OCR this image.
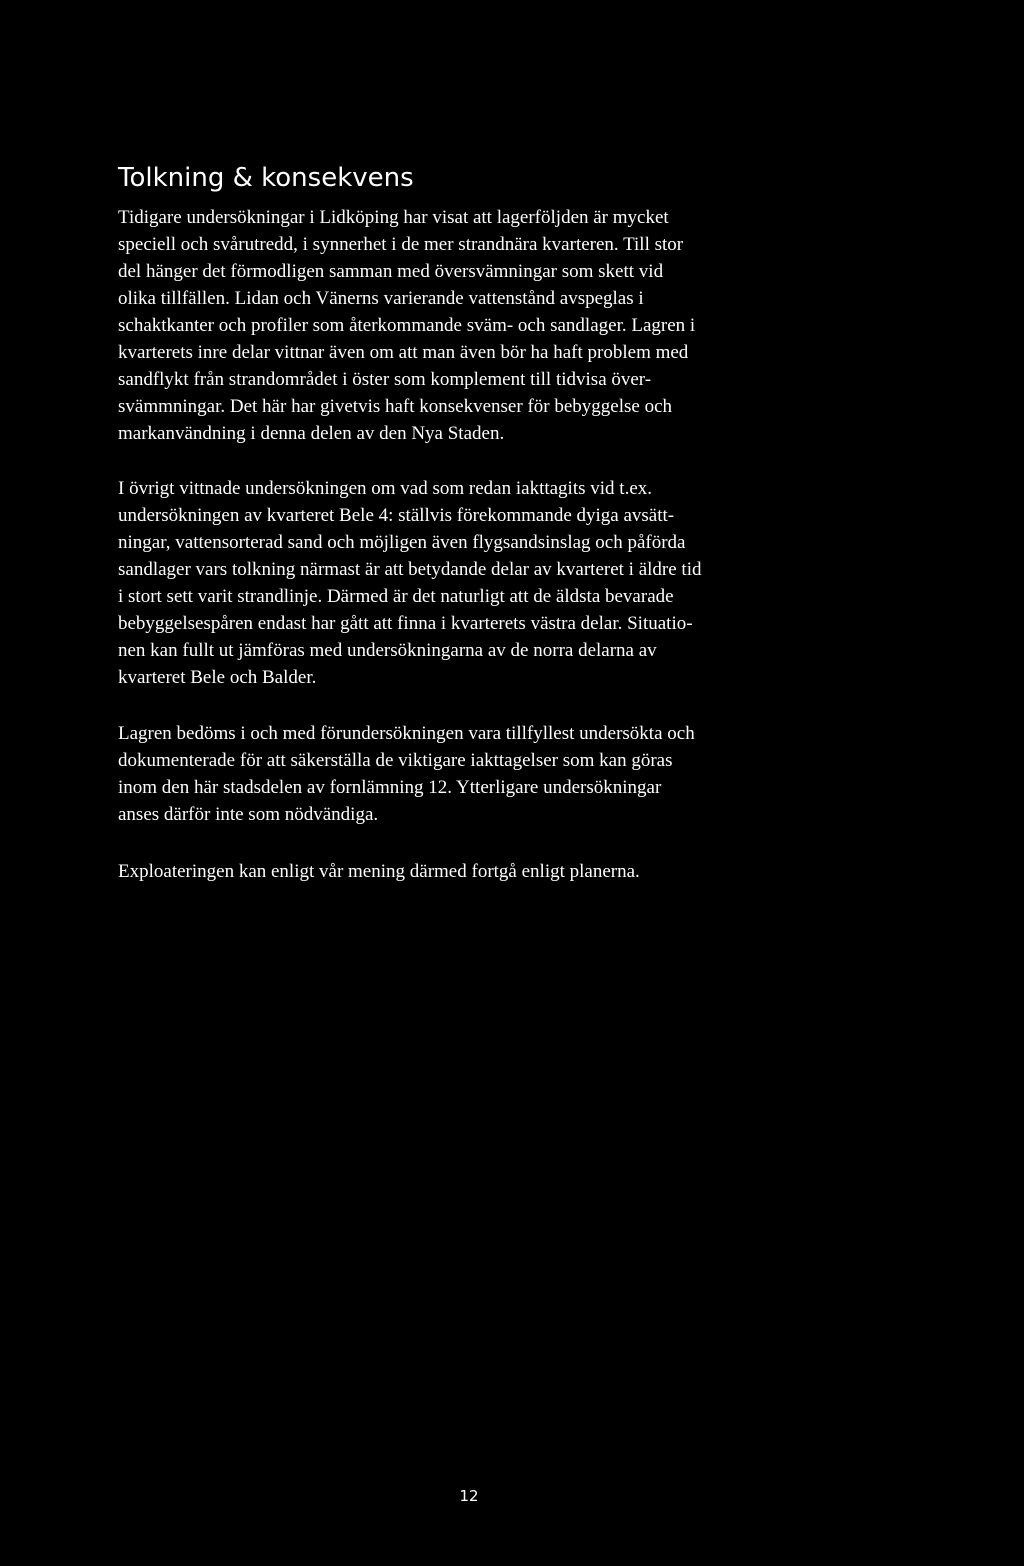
Tolkning & konsekvens

Tidigare undersökningar i Lidköping har visat att lagerföljden är mycket
speciell och svårutredd, i synnerhet i de mer strandnära kvarteren. Till stor
del hänger det förmodligen samman med översvämningar som skett vid
olika tillfällen. Lidan och Vänerns varierande vattenstånd avspeglas i
schaktkanter och profiler som återkommande sväm- och sandlager. Lagren i
kvarterets inre delar vittnar även om att man även bör ha haft problem med
sandflykt från strandområdet i öster som komplement till tidvisa över-
svämmningar. Det här har givetvis haft konsekvenser för bebyggelse och
markanvändning i denna delen av den Nya Staden.

I övrigt vittnade undersökningen om vad som redan iakttagits vid t.ex.
undersökningen av kvarteret Bele 4: ställvis förekommande dyiga avsätt-
ningar, vattensorterad sand och möjligen även flygsandsinslag och påförda
sandlager vars tolkning närmast är att betydande delar av kvarteret i äldre tid
i stort sett varit strandlinje. Därmed är det naturligt att de äldsta bevarade
bebyggelsespåren endast har gått att finna i kvarterets västra delar. Situatio-
nen kan fullt ut jämföras med undersökningarna av de norra delarna av
kvarteret Bele och Balder.

Lagren bedöms i och med förundersökningen vara tillfyllest undersökta och
dokumenterade för att säkerställa de viktigare iakttagelser som kan göras
inom den här stadsdelen av fornlämning 12. Ytterligare undersökningar
anses därför inte som nödvändiga.

Exploateringen kan enligt vår mening därmed fortgå enligt planerna.

12
